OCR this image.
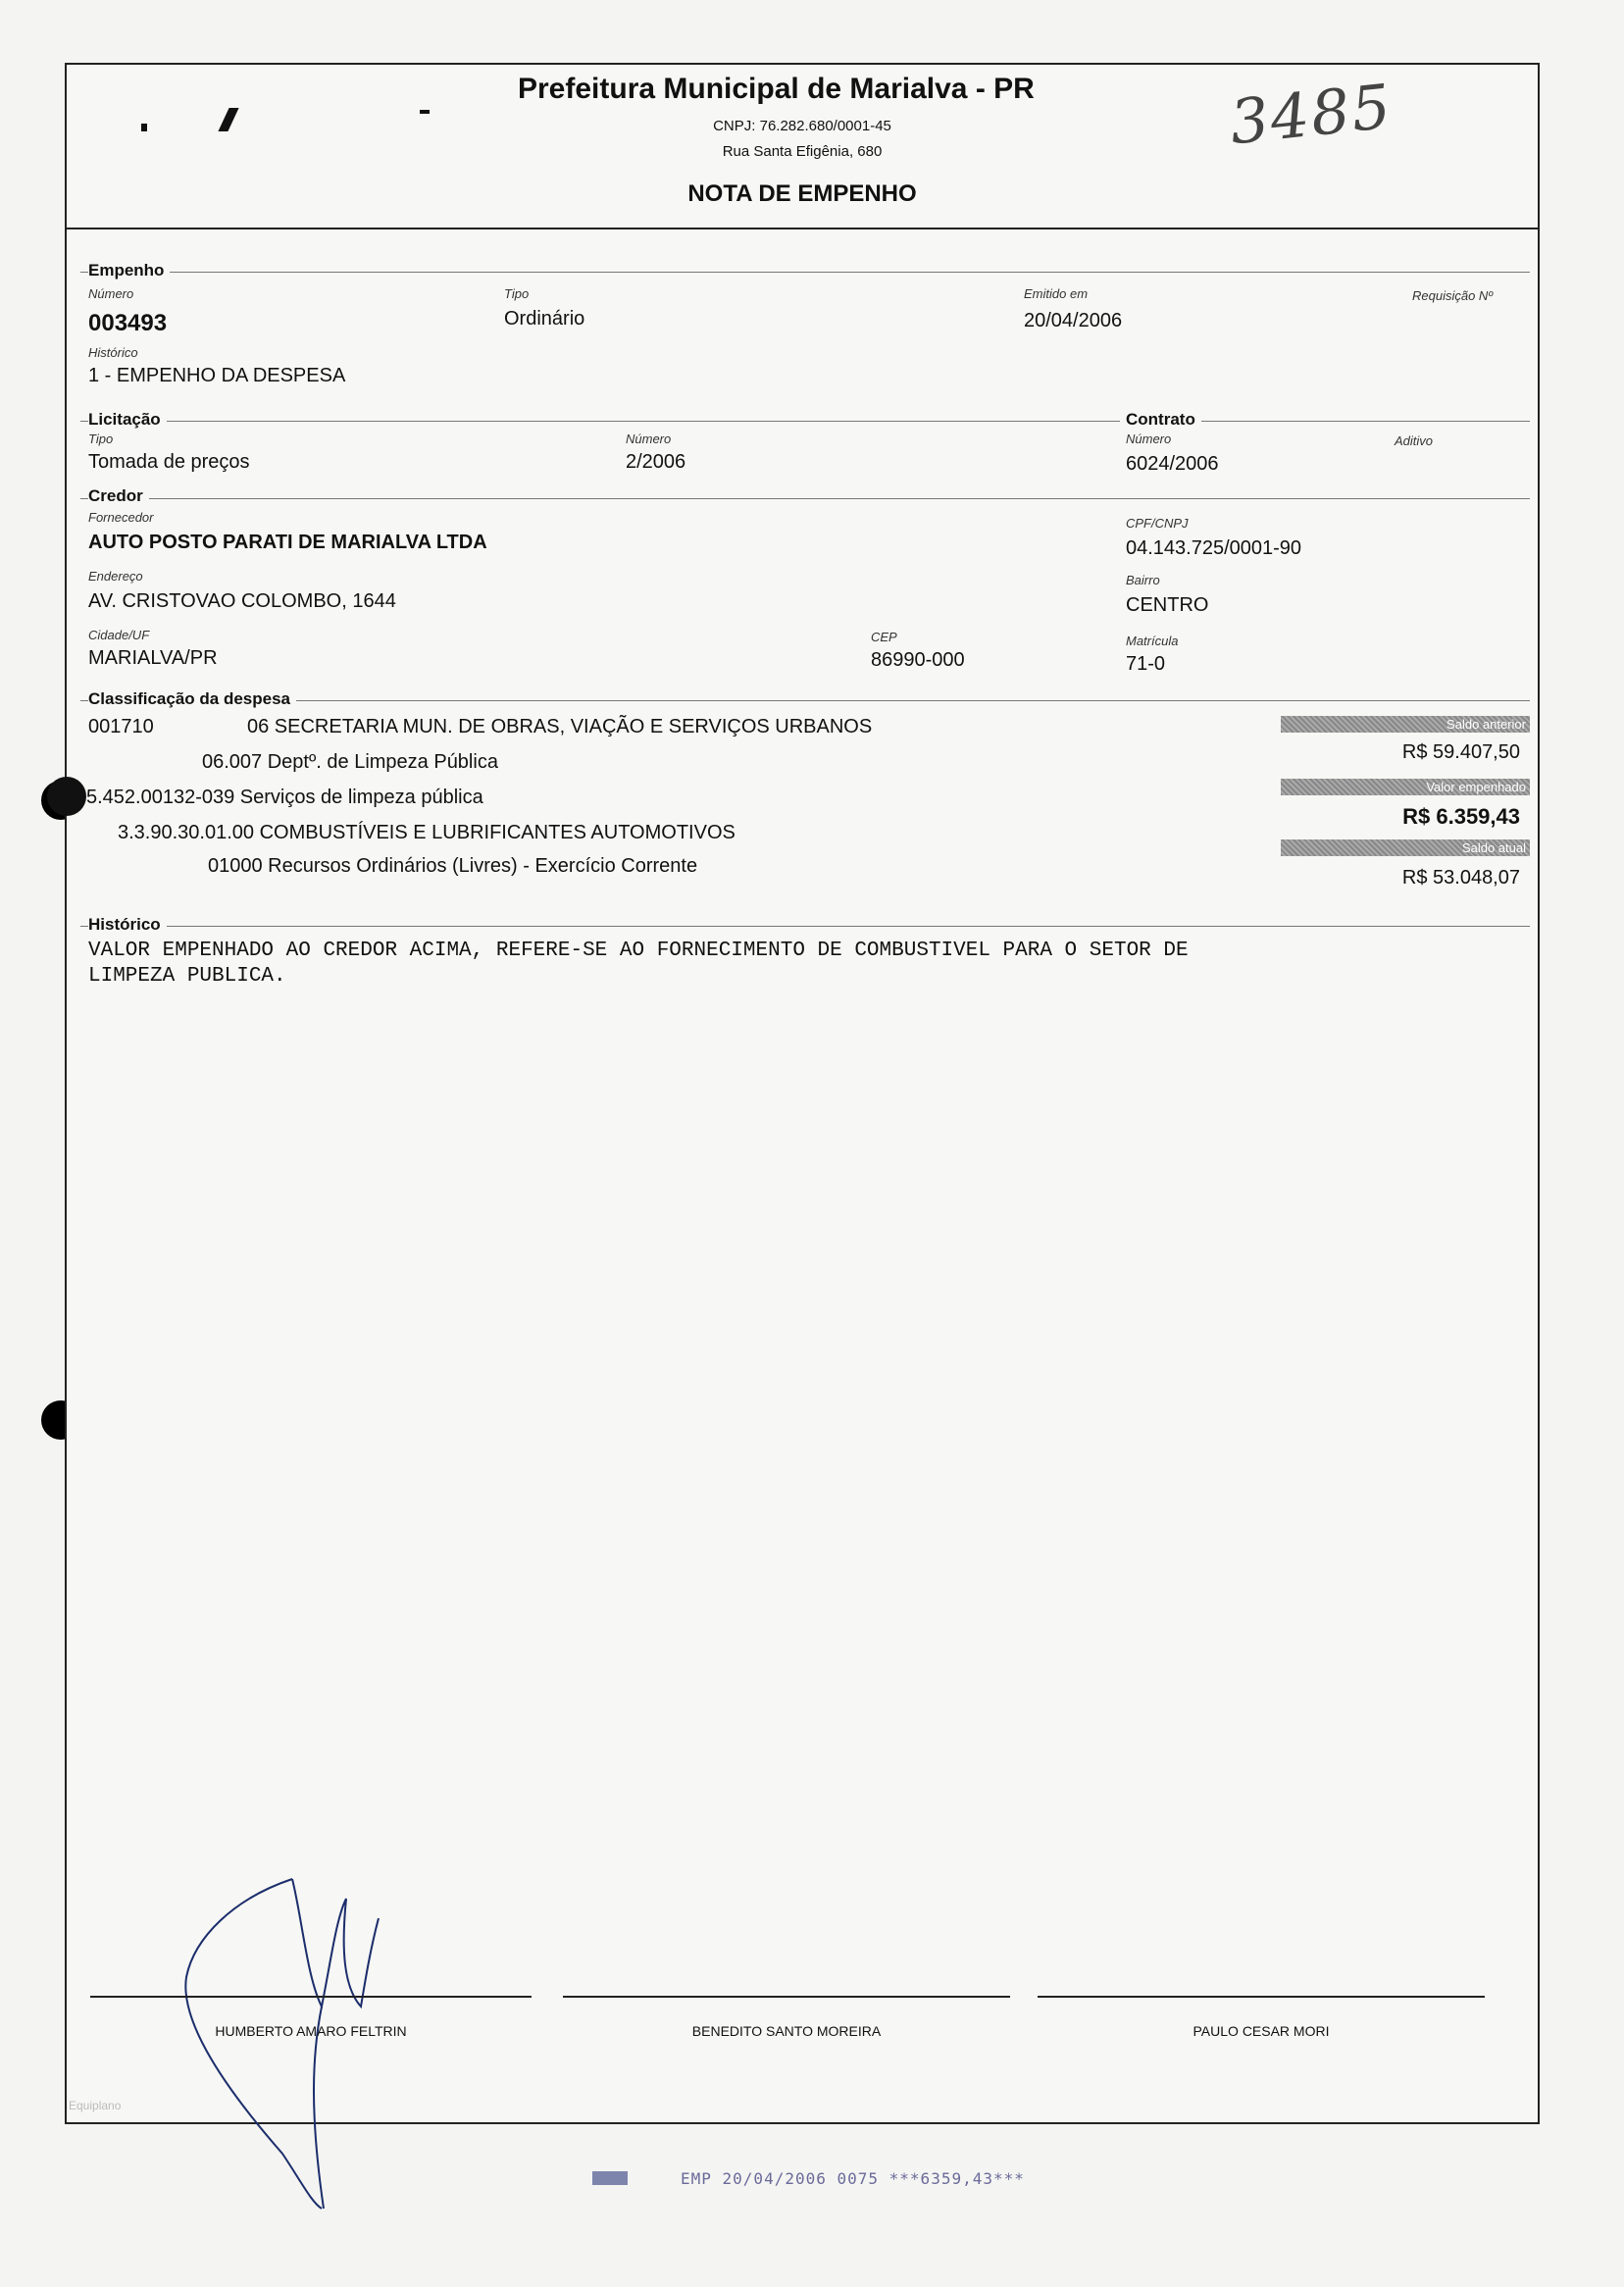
Prefeitura Municipal de Marialva - PR
CNPJ: 76.282.680/0001-45
Rua Santa Efigênia, 680
NOTA DE EMPENHO
3485
Empenho
Número
003493
Tipo
Ordinário
Emitido em
20/04/2006
Requisição Nº
Histórico
1 - EMPENHO DA DESPESA
Licitação
Tipo
Tomada de preços
Número
2/2006
Contrato
Número
6024/2006
Aditivo
Credor
Fornecedor
AUTO POSTO PARATI DE MARIALVA LTDA
CPF/CNPJ
04.143.725/0001-90
Endereço
AV. CRISTOVAO COLOMBO, 1644
Bairro
CENTRO
Cidade/UF
MARIALVA/PR
CEP
86990-000
Matrícula
71-0
Classificação da despesa
001710	06 SECRETARIA MUN. DE OBRAS, VIAÇÃO E SERVIÇOS URBANOS
06.007 Deptº. de Limpeza Pública
5.452.00132-039 Serviços de limpeza pública
3.3.90.30.01.00 COMBUSTÍVEIS E LUBRIFICANTES AUTOMOTIVOS
01000 Recursos Ordinários (Livres) - Exercício Corrente
Saldo anterior
R$ 59.407,50
Valor empenhado
R$ 6.359,43
Saldo atual
R$ 53.048,07
Histórico
VALOR EMPENHADO AO CREDOR ACIMA, REFERE-SE AO FORNECIMENTO DE COMBUSTIVEL PARA O SETOR DE
LIMPEZA PUBLICA.
HUMBERTO AMARO FELTRIN	BENEDITO SANTO MOREIRA	PAULO CESAR MORI
Equiplano
EMP 20/04/2006 0075 ***6359,43***
